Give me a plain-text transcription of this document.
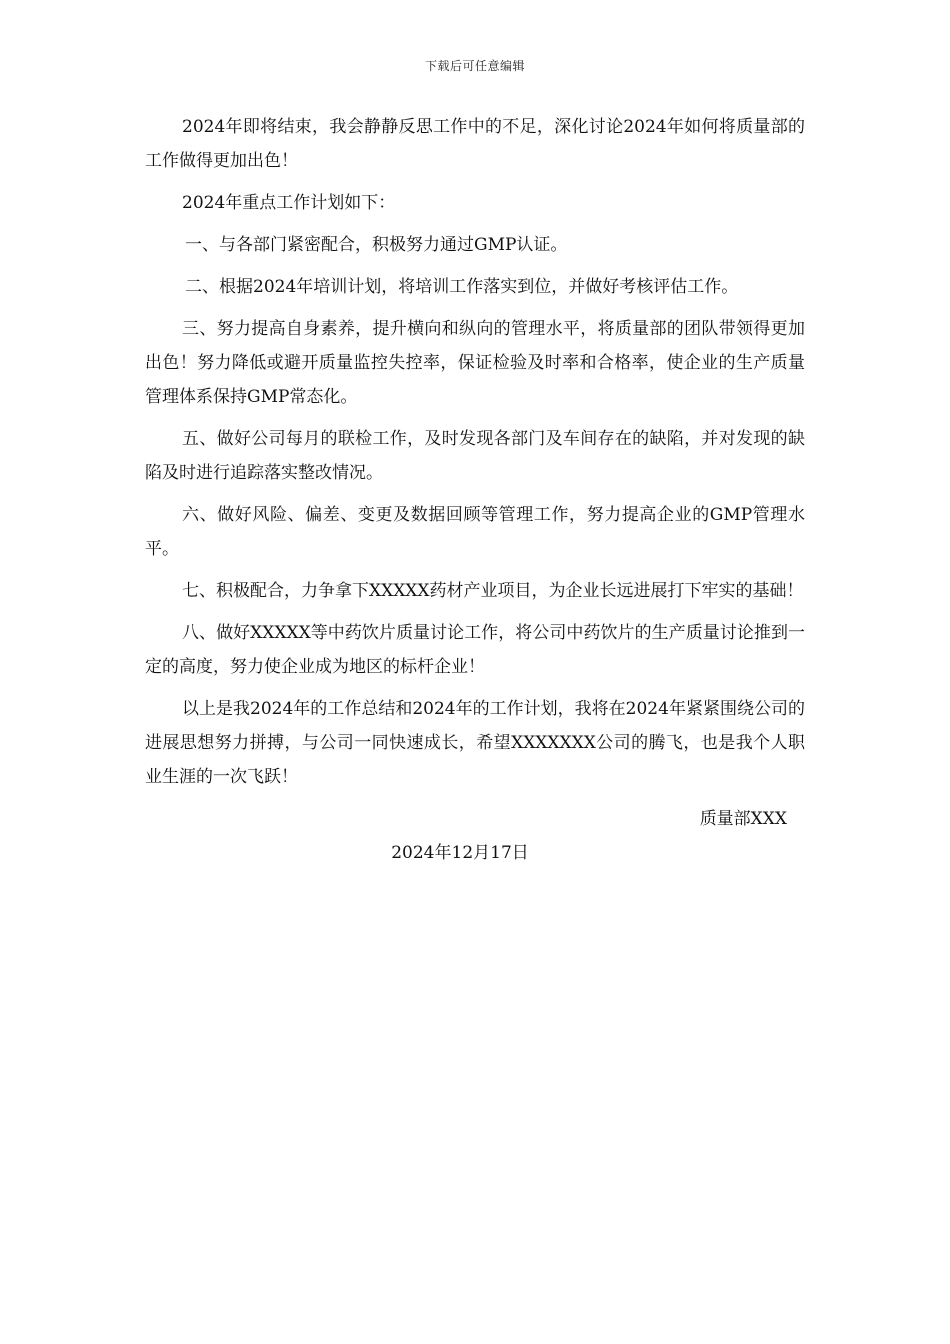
下载后可任意编辑

2024年即将结束，我会静静反思工作中的不足，深化讨论2024年如何将质量部的工作做得更加出色！

2024年重点工作计划如下：

一、与各部门紧密配合，积极努力通过GMP认证。

二、根据2024年培训计划，将培训工作落实到位，并做好考核评估工作。

三、努力提高自身素养，提升横向和纵向的管理水平，将质量部的团队带领得更加出色！努力降低或避开质量监控失控率，保证检验及时率和合格率，使企业的生产质量管理体系保持GMP常态化。

五、做好公司每月的联检工作，及时发现各部门及车间存在的缺陷，并对发现的缺陷及时进行追踪落实整改情况。

六、做好风险、偏差、变更及数据回顾等管理工作，努力提高企业的GMP管理水平。

七、积极配合，力争拿下XXXXX药材产业项目，为企业长远进展打下牢实的基础！

八、做好XXXXX等中药饮片质量讨论工作，将公司中药饮片的生产质量讨论推到一定的高度，努力使企业成为地区的标杆企业！

以上是我2024年的工作总结和2024年的工作计划，我将在2024年紧紧围绕公司的进展思想努力拼搏，与公司一同快速成长，希望XXXXXXX公司的腾飞，也是我个人职业生涯的一次飞跃！

质量部XXX

2024年12月17日
